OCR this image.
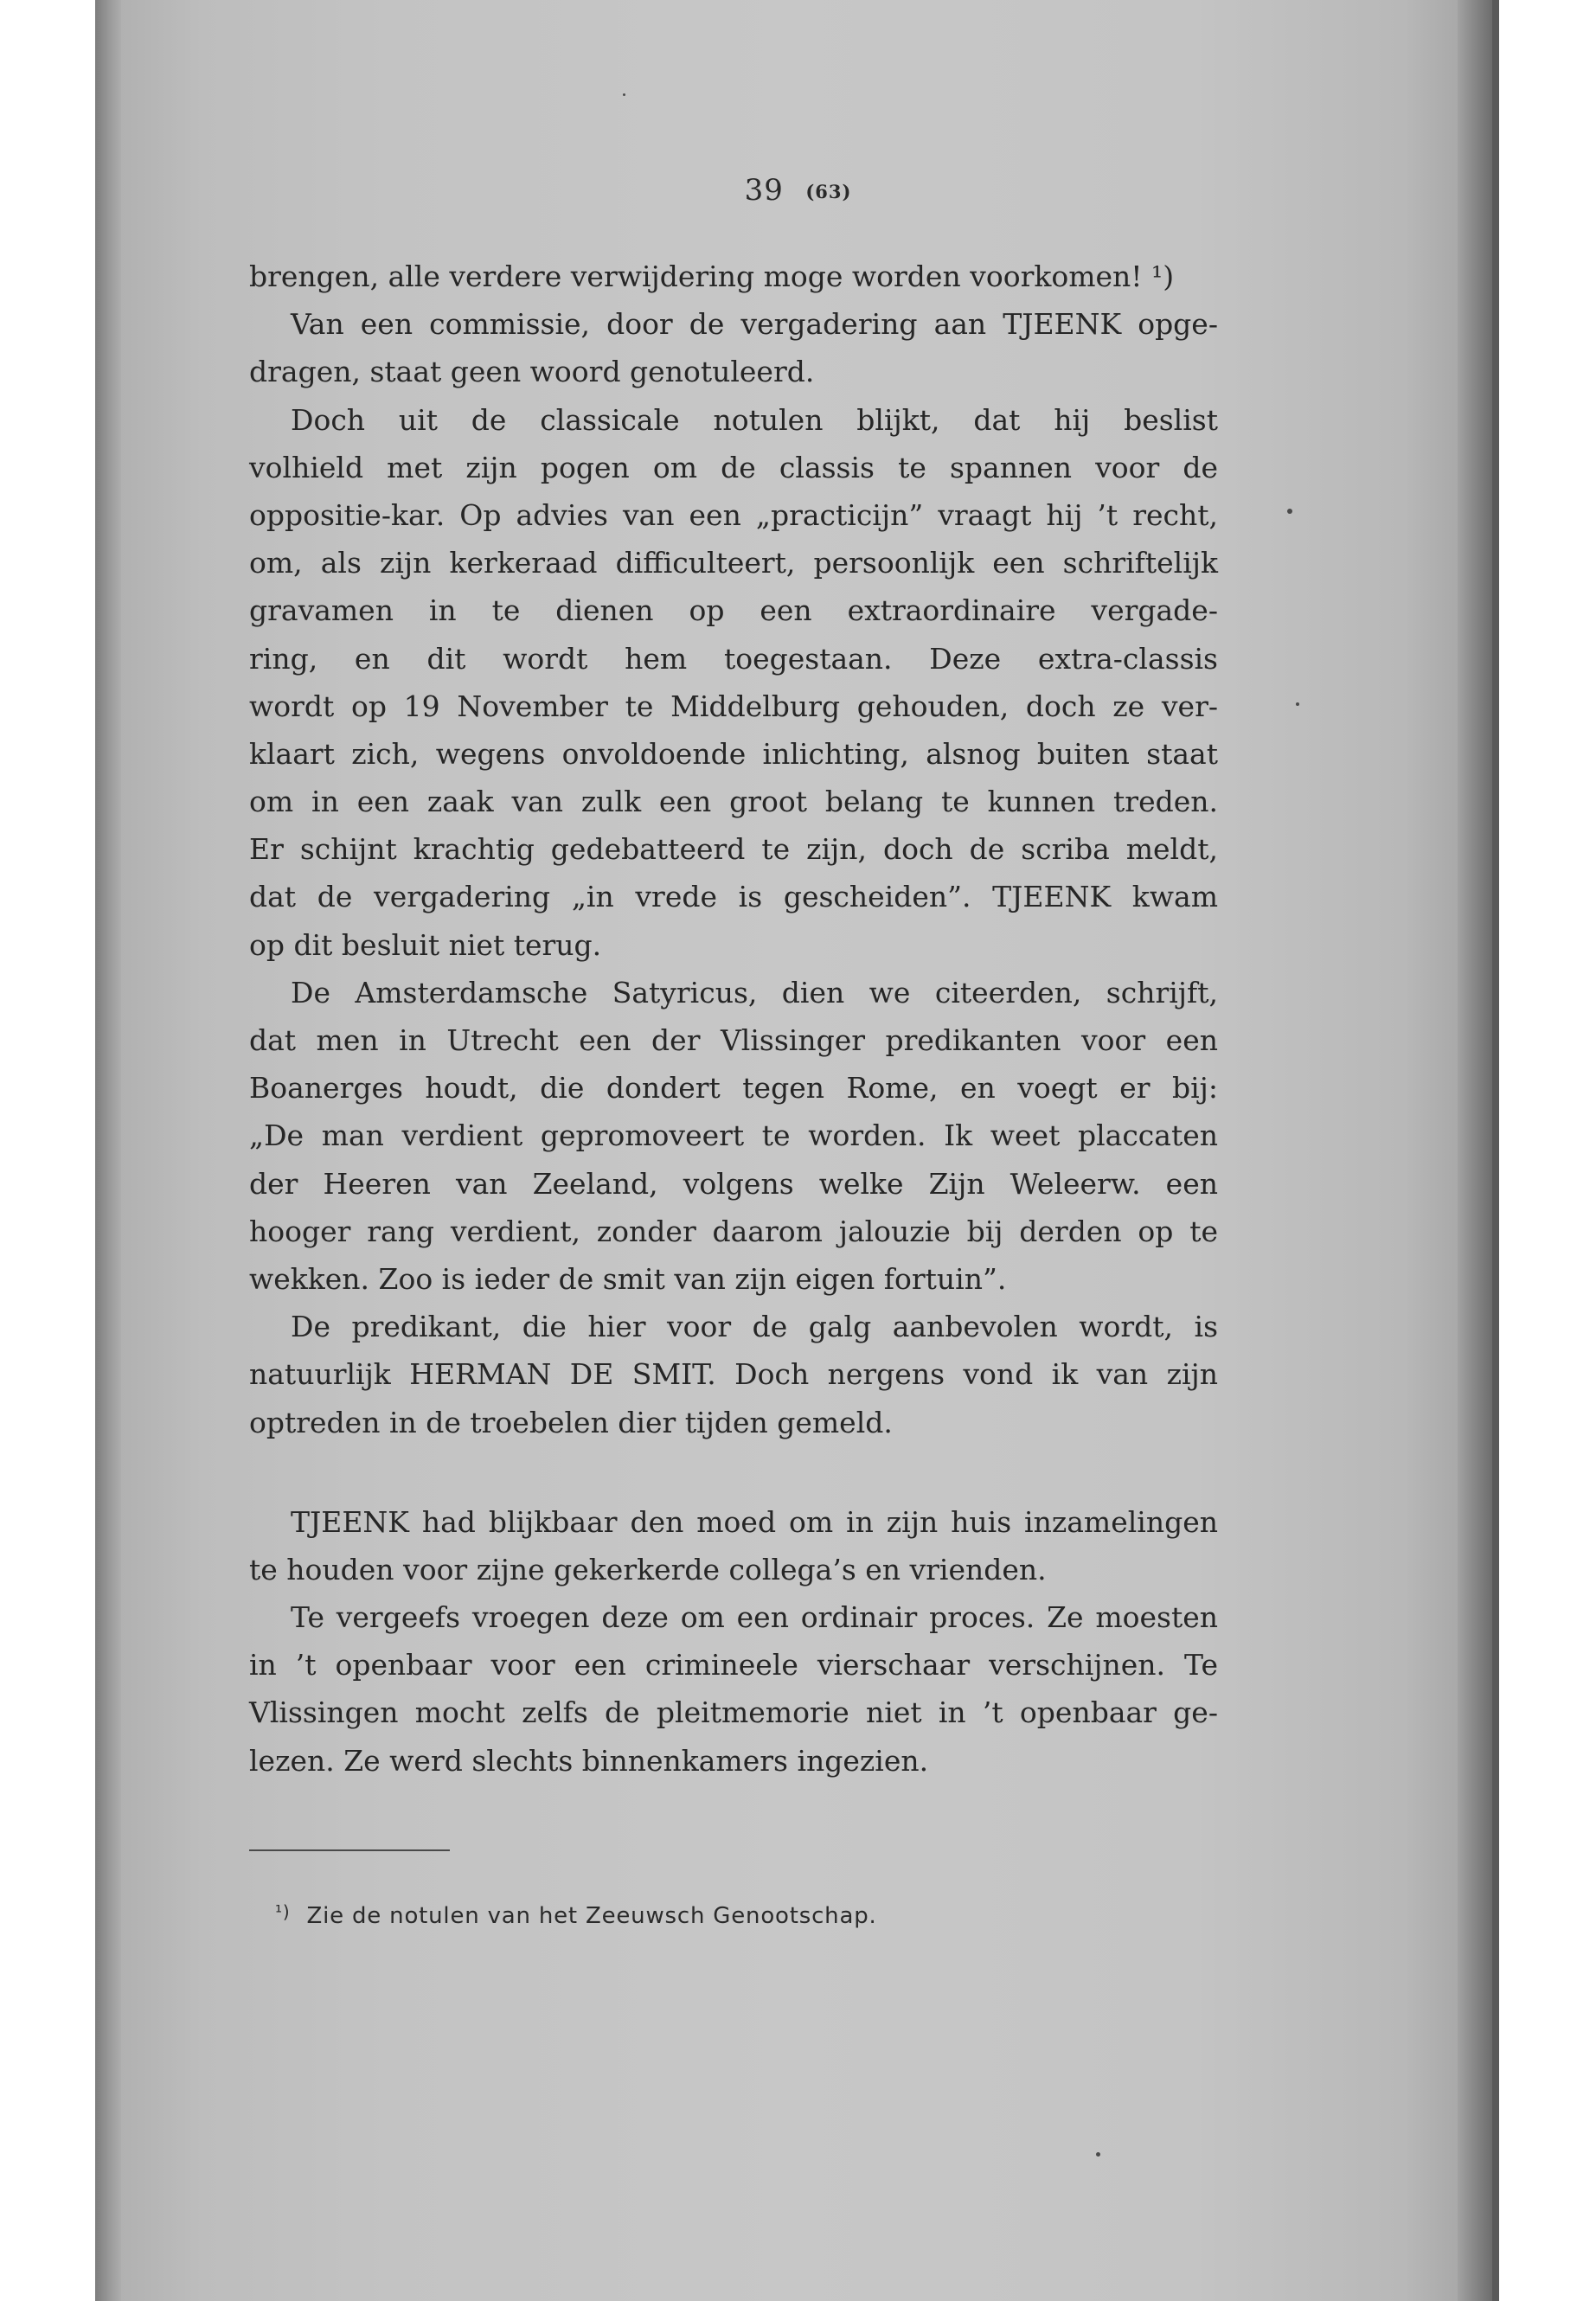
39 (63)
brengen, alle verdere verwijdering moge worden voorkomen! ¹)
Van een commissie, door de vergadering aan TJEENK opge-
dragen, staat geen woord genotuleerd.
Doch uit de classicale notulen blijkt, dat hij beslist
volhield met zijn pogen om de classis te spannen voor de
oppositie-kar. Op advies van een „practicijn” vraagt hij ’t recht,
om, als zijn kerkeraad difficulteert, persoonlijk een schriftelijk
gravamen in te dienen op een extraordinaire vergade-
ring, en dit wordt hem toegestaan. Deze extra-classis
wordt op 19 November te Middelburg gehouden, doch ze ver-
klaart zich, wegens onvoldoende inlichting, alsnog buiten staat
om in een zaak van zulk een groot belang te kunnen treden.
Er schijnt krachtig gedebatteerd te zijn, doch de scriba meldt,
dat de vergadering „in vrede is gescheiden”. TJEENK kwam
op dit besluit niet terug.
De Amsterdamsche Satyricus, dien we citeerden, schrijft,
dat men in Utrecht een der Vlissinger predikanten voor een
Boanerges houdt, die dondert tegen Rome, en voegt er bij:
„De man verdient gepromoveert te worden. Ik weet placcaten
der Heeren van Zeeland, volgens welke Zijn Weleerw. een
hooger rang verdient, zonder daarom jalouzie bij derden op te
wekken. Zoo is ieder de smit van zijn eigen fortuin”.
De predikant, die hier voor de galg aanbevolen wordt, is
natuurlijk HERMAN DE SMIT. Doch nergens vond ik van zijn
optreden in de troebelen dier tijden gemeld.
TJEENK had blijkbaar den moed om in zijn huis inzamelingen
te houden voor zijne gekerkerde collega’s en vrienden.
Te vergeefs vroegen deze om een ordinair proces. Ze moesten
in ’t openbaar voor een crimineele vierschaar verschijnen. Te
Vlissingen mocht zelfs de pleitmemorie niet in ’t openbaar ge-
lezen. Ze werd slechts binnenkamers ingezien.
$^{^1)}$ Zie de notulen van het Zeeuwsch Genootschap.
